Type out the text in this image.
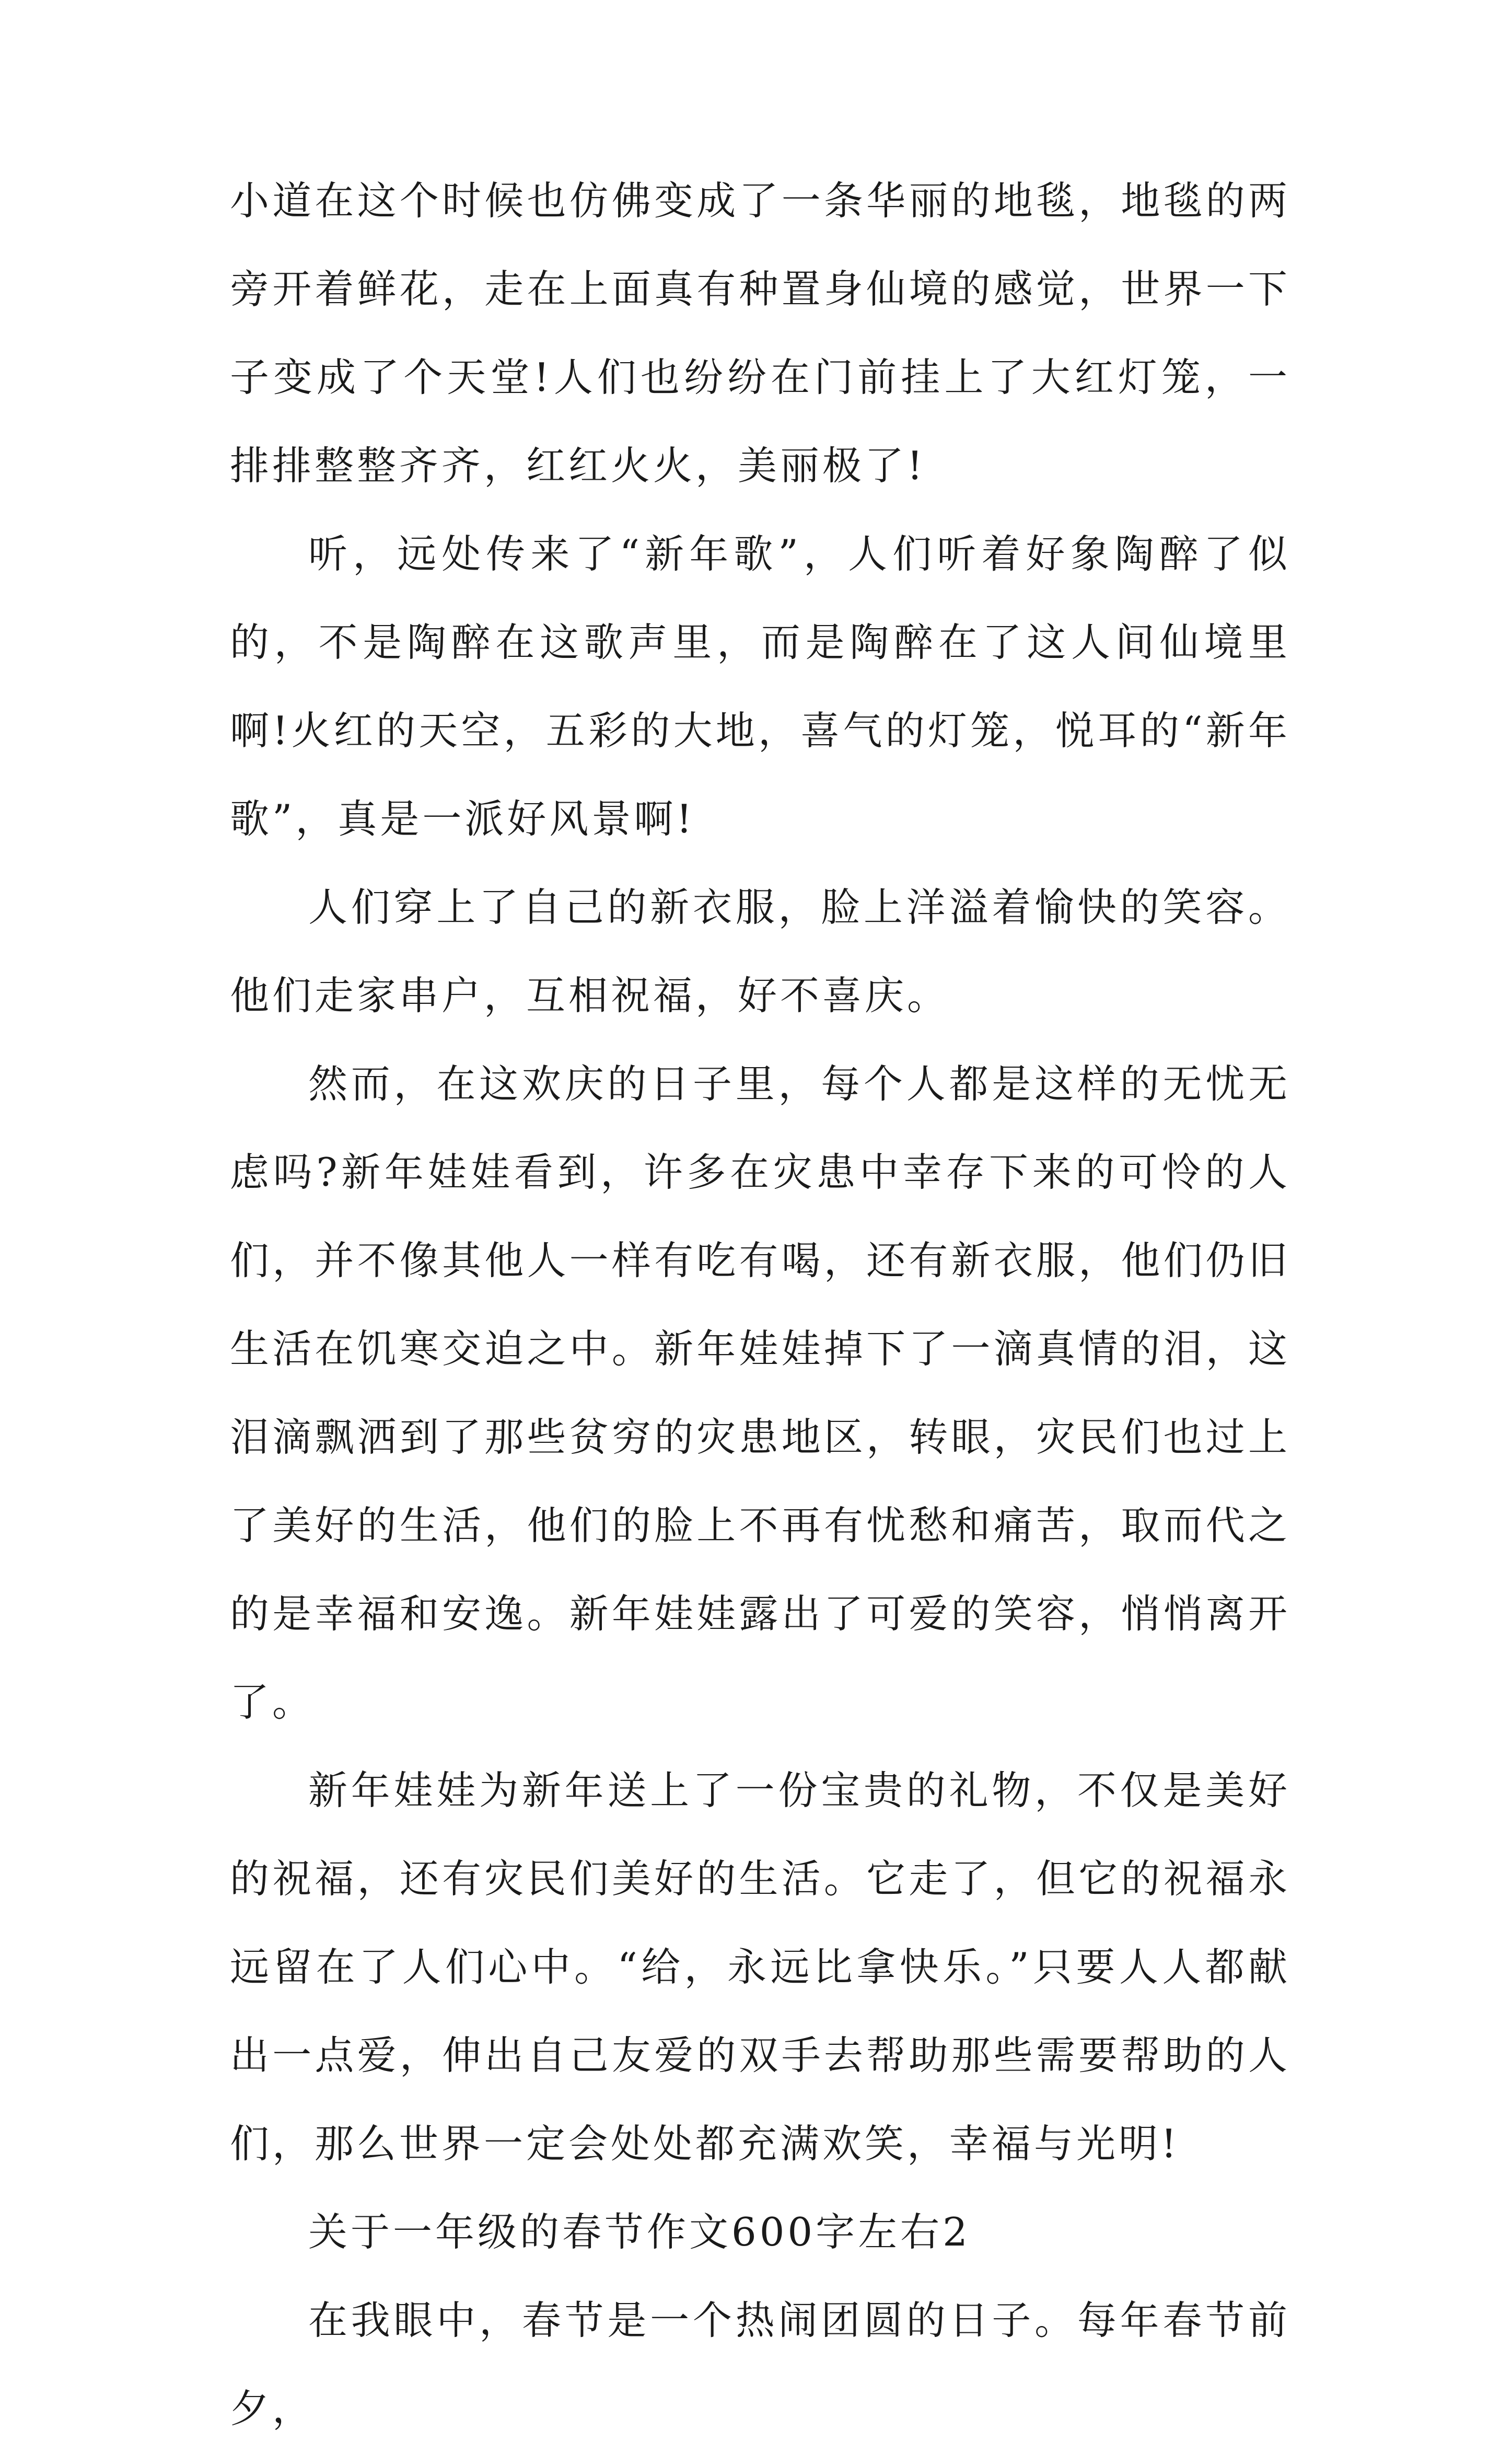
小道在这个时候也仿佛变成了一条华丽的地毯，地毯的两旁开着鲜花，走在上面真有种置身仙境的感觉，世界一下子变成了个天堂!人们也纷纷在门前挂上了大红灯笼，一排排整整齐齐，红红火火，美丽极了!

听，远处传来了“新年歌”，人们听着好象陶醉了似的，不是陶醉在这歌声里，而是陶醉在了这人间仙境里啊!火红的天空，五彩的大地，喜气的灯笼，悦耳的“新年歌”，真是一派好风景啊!

人们穿上了自己的新衣服，脸上洋溢着愉快的笑容。他们走家串户，互相祝福，好不喜庆。

然而，在这欢庆的日子里，每个人都是这样的无忧无虑吗?新年娃娃看到，许多在灾患中幸存下来的可怜的人们，并不像其他人一样有吃有喝，还有新衣服，他们仍旧生活在饥寒交迫之中。新年娃娃掉下了一滴真情的泪，这泪滴飘洒到了那些贫穷的灾患地区，转眼，灾民们也过上了美好的生活，他们的脸上不再有忧愁和痛苦，取而代之的是幸福和安逸。新年娃娃露出了可爱的笑容，悄悄离开了。

新年娃娃为新年送上了一份宝贵的礼物，不仅是美好的祝福，还有灾民们美好的生活。它走了，但它的祝福永远留在了人们心中。“给，永远比拿快乐。”只要人人都献出一点爱，伸出自己友爱的双手去帮助那些需要帮助的人们，那么世界一定会处处都充满欢笑，幸福与光明!

关于一年级的春节作文600字左右2

在我眼中，春节是一个热闹团圆的日子。每年春节前夕，
